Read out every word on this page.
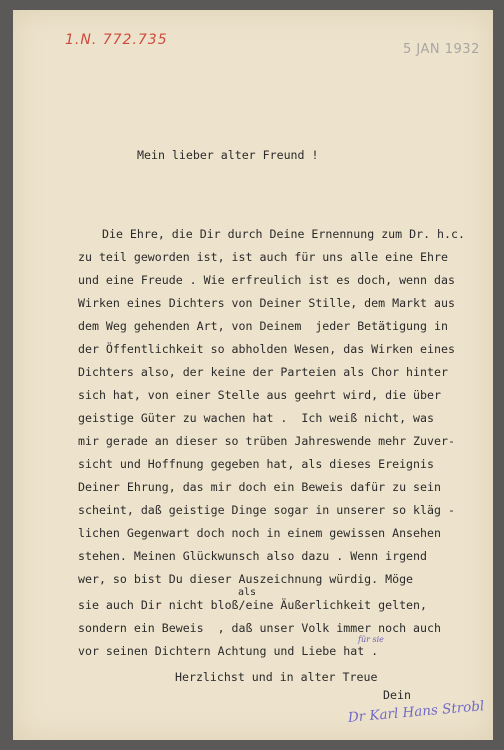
1.N. 772.735
5 JAN 1932
Mein lieber alter Freund !
Die Ehre, die Dir durch Deine Ernennung zum Dr. h.c.
zu teil geworden ist, ist auch für uns alle eine Ehre
und eine Freude . Wie erfreulich ist es doch, wenn das
Wirken eines Dichters von Deiner Stille, dem Markt aus
dem Weg gehenden Art, von Deinem  jeder Betätigung in
der Öffentlichkeit so abholden Wesen, das Wirken eines
Dichters also, der keine der Parteien als Chor hinter
sich hat, von einer Stelle aus geehrt wird, die über
geistige Güter zu wachen hat .  Ich weiß nicht, was
mir gerade an dieser so trüben Jahreswende mehr Zuver-
sicht und Hoffnung gegeben hat, als dieses Ereignis
Deiner Ehrung, das mir doch ein Beweis dafür zu sein
scheint, daß geistige Dinge sogar in unserer so kläg -
lichen Gegenwart doch noch in einem gewissen Ansehen
stehen. Meinen Glückwunsch also dazu . Wenn irgend
wer, so bist Du dieser Auszeichnung würdig. Möge
als
sie auch Dir nicht bloß/eine Äußerlichkeit gelten,
sondern ein Beweis  , daß unser Volk immer noch auch
für sie
vor seinen Dichtern Achtung und Liebe hat .
Herzlichst und in alter Treue
Dein
Dr Karl Hans Strobl
